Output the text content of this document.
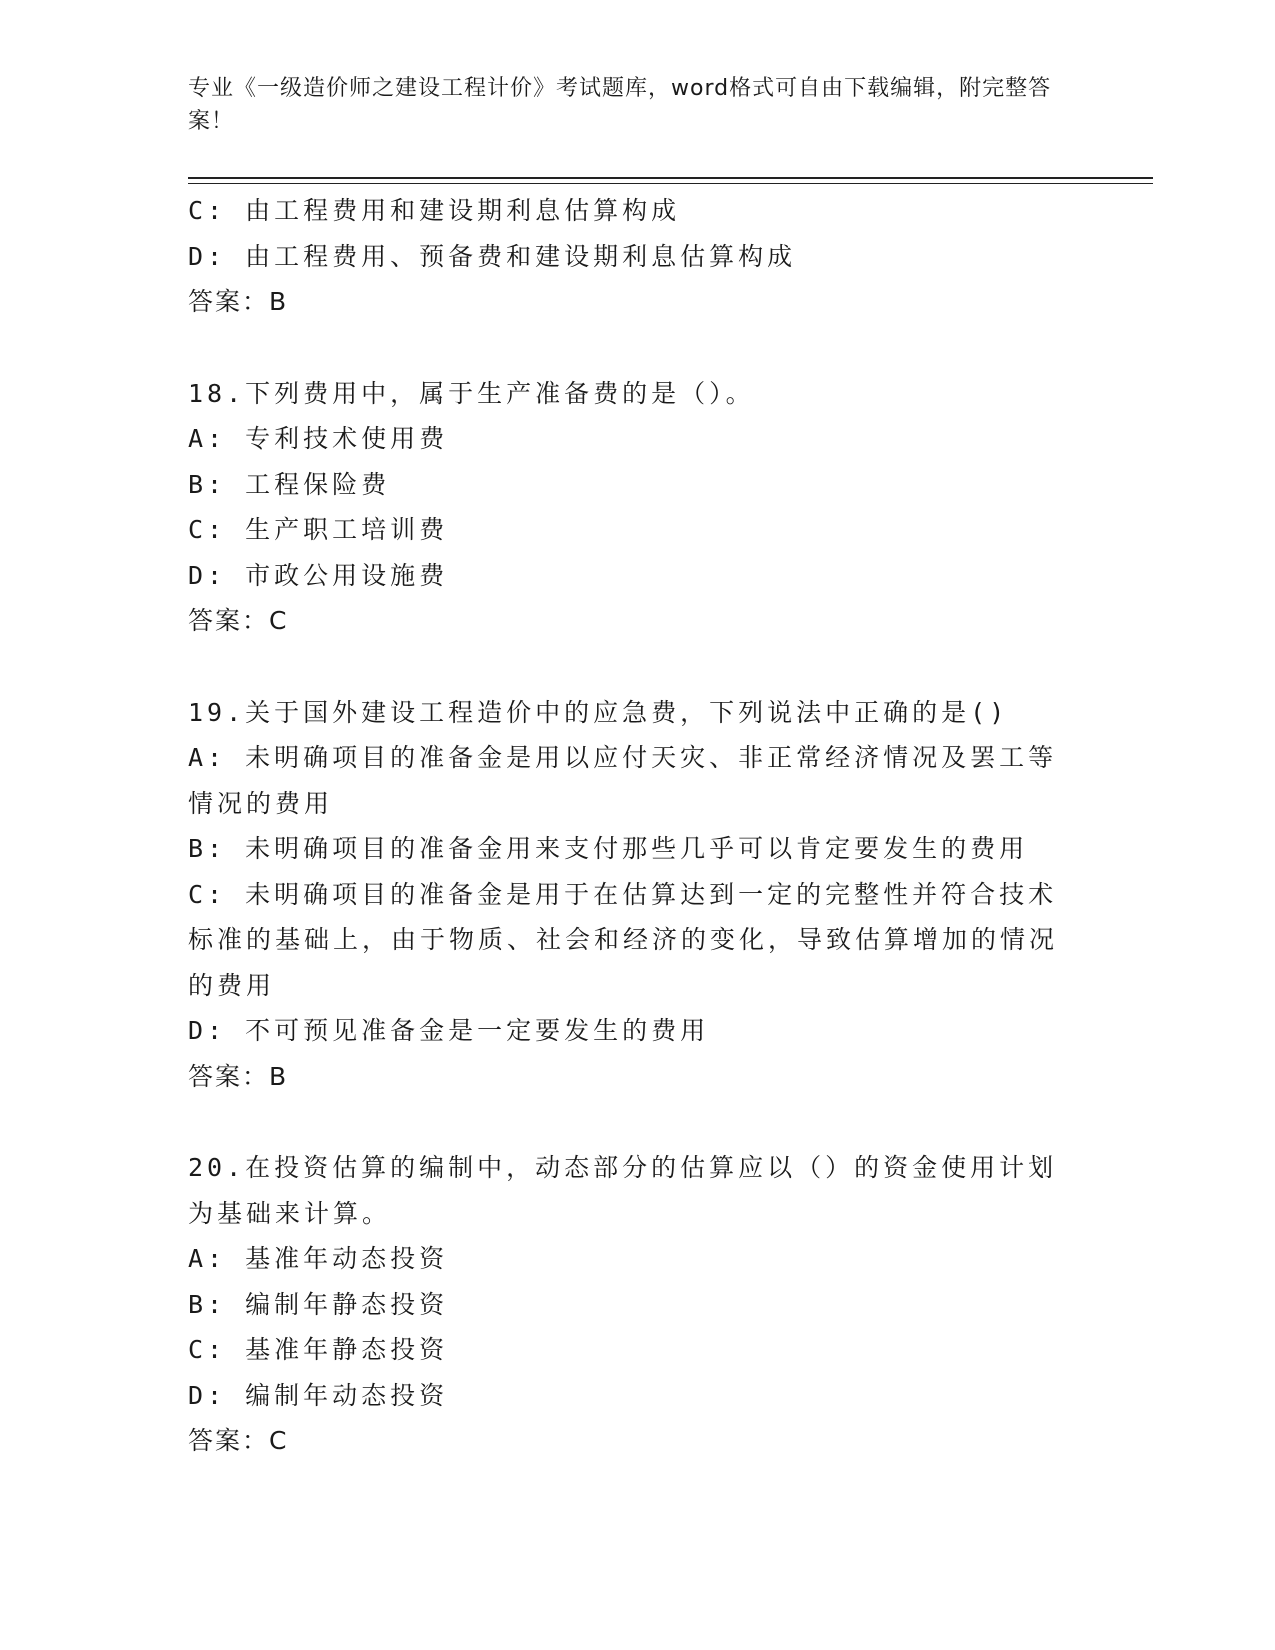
专业《一级造价师之建设工程计价》考试题库，word格式可自由下载编辑，附完整答案！
C: 由工程费用和建设期利息估算构成
D: 由工程费用、预备费和建设期利息估算构成
答案：B
18.下列费用中，属于生产准备费的是（）。
A: 专利技术使用费
B: 工程保险费
C: 生产职工培训费
D: 市政公用设施费
答案：C
19.关于国外建设工程造价中的应急费，下列说法中正确的是()
A: 未明确项目的准备金是用以应付天灾、非正常经济情况及罢工等情况的费用
B: 未明确项目的准备金用来支付那些几乎可以肯定要发生的费用
C: 未明确项目的准备金是用于在估算达到一定的完整性并符合技术标准的基础上，由于物质、社会和经济的变化，导致估算增加的情况的费用
D: 不可预见准备金是一定要发生的费用
答案：B
20.在投资估算的编制中，动态部分的估算应以（）的资金使用计划为基础来计算。
A: 基准年动态投资
B: 编制年静态投资
C: 基准年静态投资
D: 编制年动态投资
答案：C
